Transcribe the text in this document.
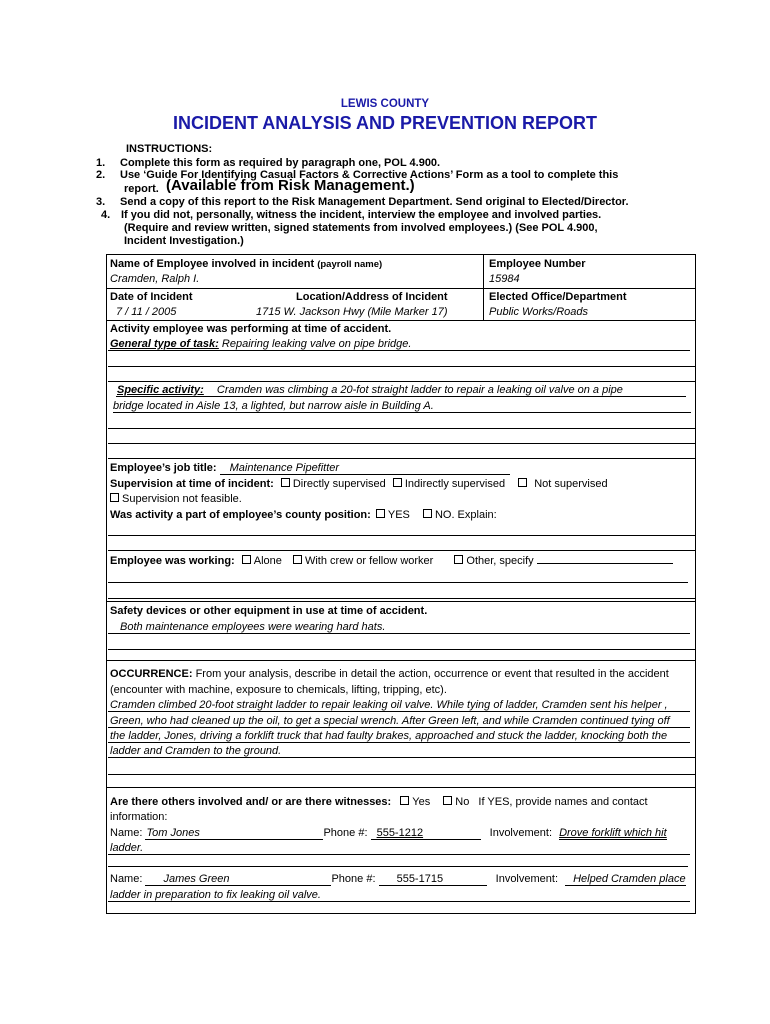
LEWIS COUNTY
INCIDENT ANALYSIS AND PREVENTION REPORT
INSTRUCTIONS:
1. Complete this form as required by paragraph one, POL 4.900.
2. Use ‘Guide For Identifying Casual Factors & Corrective Actions’ Form as a tool to complete this
report. (Available from Risk Management.)
3. Send a copy of this report to the Risk Management Department. Send original to Elected/Director.
4. If you did not, personally, witness the incident, interview the employee and involved parties.
(Require and review written, signed statements from involved employees.) (See POL 4.900,
Incident Investigation.)
Name of Employee involved in incident (payroll name)
Cramden, Ralph I.
Employee Number
15984
Date of Incident
7 / 11 / 2005
Location/Address of Incident
1715 W. Jackson Hwy (Mile Marker 17)
Elected Office/Department
Public Works/Roads
Activity employee was performing at time of accident.
General type of task: Repairing leaking valve on pipe bridge.
Specific activity: Cramden was climbing a 20-fot straight ladder to repair a leaking oil valve on a pipe
bridge located in Aisle 13, a lighted, but narrow aisle in Building A.
Employee’s job title: Maintenance Pipefitter
Supervision at time of incident: Directly supervised Indirectly supervised	Not supervised
Supervision not feasible.
Was activity a part of employee’s county position: YES NO. Explain:
Employee was working: Alone With crew or fellow worker	Other, specify
Safety devices or other equipment in use at time of accident.
Both maintenance employees were wearing hard hats.
OCCURRENCE: From your analysis, describe in detail the action, occurrence or event that resulted in the accident
(encounter with machine, exposure to chemicals, lifting, tripping, etc).
Cramden climbed 20-foot straight ladder to repair leaking oil valve. While tying of ladder, Cramden sent his helper ,
Green, who had cleaned up the oil, to get a special wrench. After Green left, and while Cramden continued tying off
the ladder, Jones, driving a forklift truck that had faulty brakes, approached and stuck the ladder, knocking both the
ladder and Cramden to the ground.
Are there others involved and/ or are there witnesses: Yes No If YES, provide names and contact
information:
Name: Tom Jones	Phone #: 555-1212	Involvement: Drove forklift which hit
ladder.
Name: James Green	Phone #: 555-1715	Involvement: Helped Cramden place
ladder in preparation to fix leaking oil valve.
